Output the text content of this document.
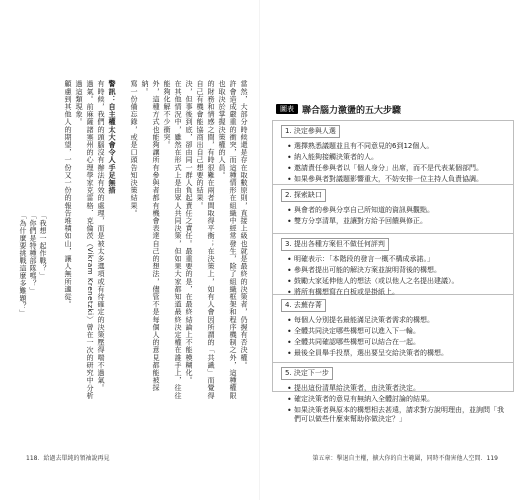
當然，大部分時候還是存在取數原則，直接上級也就是最終的決策者，仍握有否決權。

許會造成嚴重的衝突，而這種情形在組織中經常發生，除了組織框架和程序機制之外，這種權限也取決於掌握決策權的人員。

的財務和情感之間，有時很難在兩者間取得平衡；在決策上，如有人會因所謂的「共識」而覺得自己有機會能協商出自己想要的結果。

決，但事後到底，卻由同一群人負起責任之責任。最重要的是，在最終結論上不能模糊化。

在其他情況中，雖然在形式上是由眾人共同決策，但如果大家都知道最終決定權在誰手上，往往能夠化解不少衝突。

外，這種方式也能夠讓所有參與者都有機會表達自己的想法，儘管不是每個人的意見都能被採納。

寫一份備忘錄，或是口頭告知決策結果。

警訊：自主權太大會令人手足無措

有時候，我們的頭腦沒有辦法有效的處理，而是被太多選項或有待確定的決策壓得喘不過氣。

過氣。前麻薩諸塞州的心理學家克雷格．克倫茨（Vikram Krenetzki）曾在一次的研究中分析過這類現象。

顧慮到其他人的期望，一份又一份的報告堆積如山，讓人無所適從。

「我想一起作戰？」
「你們是特種部隊嗎？」
「為什麼要挑戰這麼多難題？」
118．給過去單純的領袖說再見
圖表 聯合腦力激盪的五大步驟
1. 決定參與人選
• 選擇熟悉議題並且有不同意見的6到12個人。
• 納入能夠接觸決策者的人。
• 邀請責任參與者以「個人身分」出席，而不是代表某個部門。
• 如果參與者對議題影響重大，不妨安排一位主持人負責協調。
2. 探索缺口
• 與會者的參與分享自己所知道的資訊與觀點。
• 雙方分享清單，並讓對方給予回饋與修正。
3. 提出各種方案但不做任何評判
• 明確表示：「本階段的發言一概不構成承諾。」
• 參與者提出可能的解決方案並說明背後的構想。
• 鼓勵大家延伸他人的想法（或以他人之名提出建議）。
• 將所有構想寫在白板或是掛紙上。
4. 去蕪存菁
• 每個人分別提名最能滿足決策者需求的構想。
• 全體共同決定哪些構想可以進入下一輪。
• 全體共同確認哪些構想可以結合在一起。
• 最後全員舉手投票，選出要呈交給決策者的構想。
5. 決定下一步
• 提出這份清單給決策者，由決策者決定。
• 確定決策者的意見有無納入全體討論的結果。
• 如果決策者與原本的構想相去甚遠，請求對方說明理由，並詢問「我們可以做些什麼來幫助你做決定？」
第五章：擊退自主權，擴大你的自主範圍，同時不傷害他人空間．119
